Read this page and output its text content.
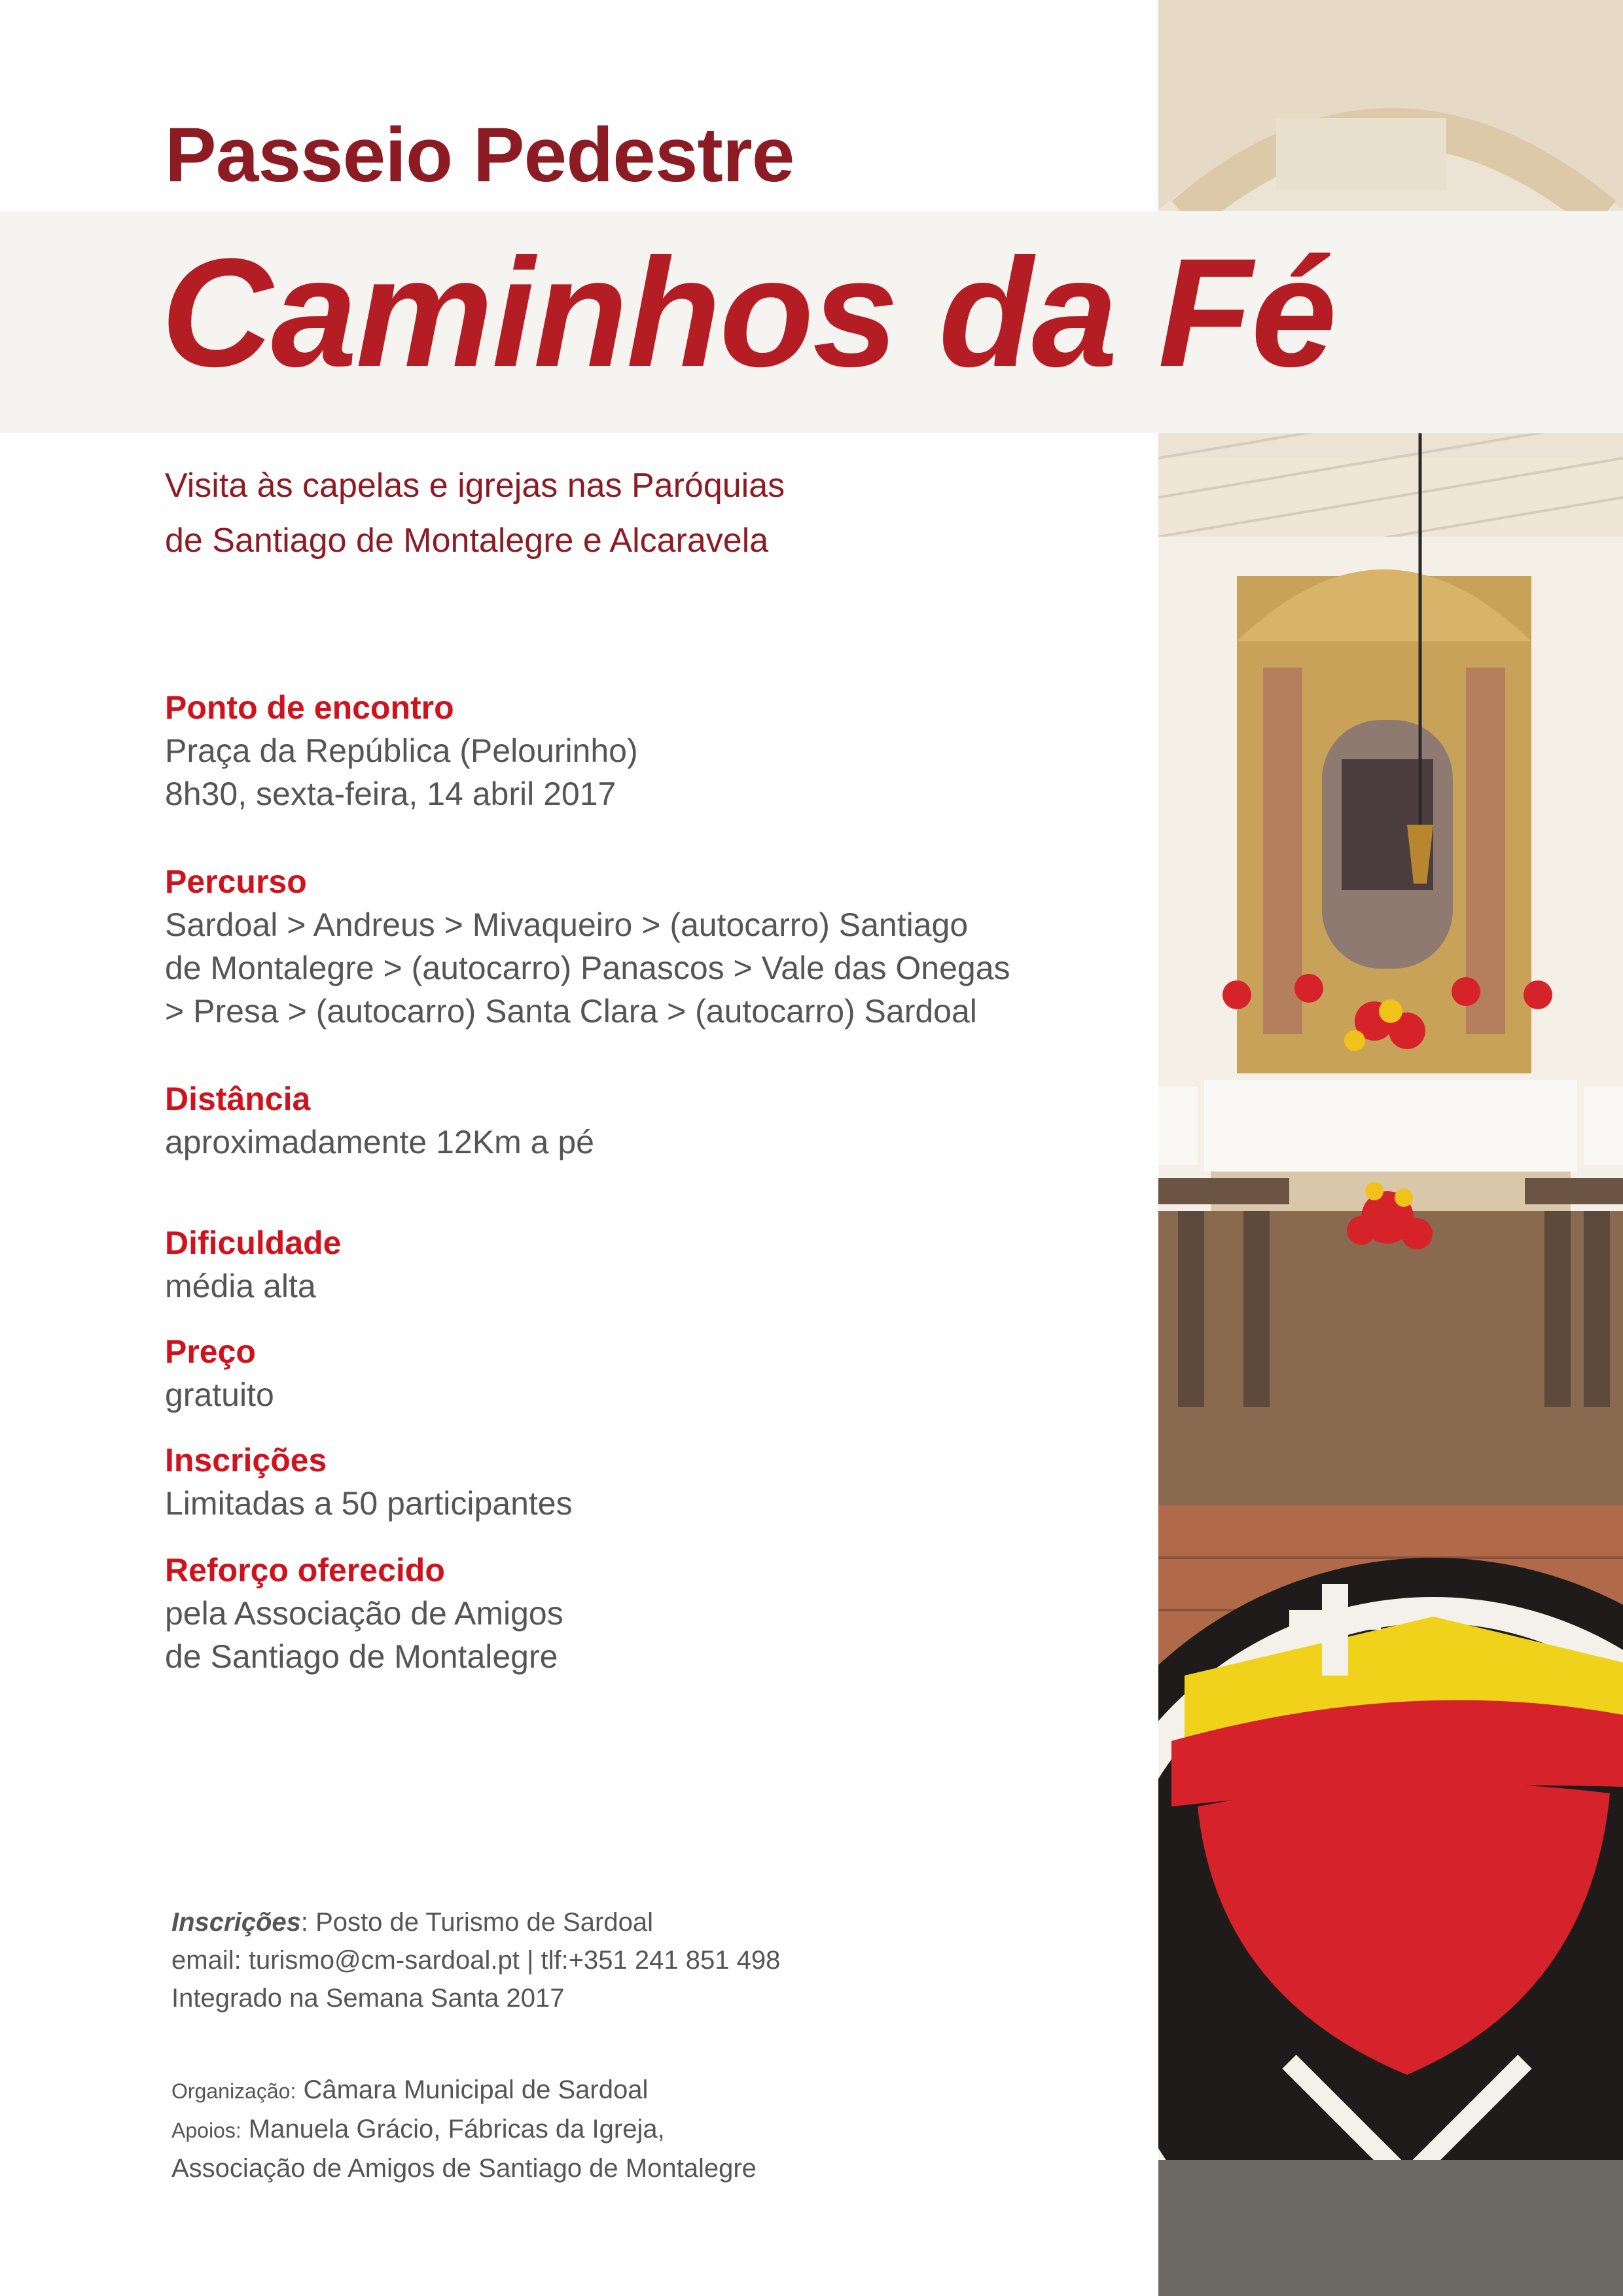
Passeio Pedestre
Caminhos da Fé

Visita às capelas e igrejas nas Paróquias
de Santiago de Montalegre e Alcaravela

Ponto de encontro

Praça da República (Pelourinho)

8h30, sexta-feira, 14 abril 2017

Percurso

Sardoal > Andreus > Mivaqueiro > (autocarro) Santiago

de Montalegre > (autocarro) Panascos > Vale das Onegas

> Presa > (autocarro) Santa Clara > (autocarro) Sardoal

Distância

aproximadamente 12Km a pé

Dificuldade

média alta

Preço

gratuito

Inscrições

Limitadas a 50 participantes

Reforço oferecido

pela Associação de Amigos

de Santiago de Montalegre

Inscrições: Posto de Turismo de Sardoal

email: turismo@cm-sardoal.pt | tlf:+351 241 851 498

Integrado na Semana Santa 2017

Organização: Câmara Municipal de Sardoal

Apoios: Manuela Grácio, Fábricas da Igreja,

Associação de Amigos de Santiago de Montalegre
